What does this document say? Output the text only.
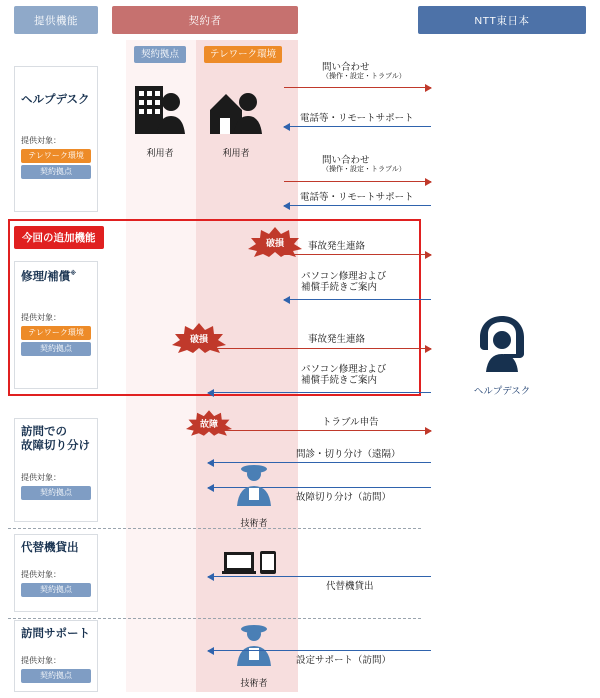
提供機能	契約者	NTT東日本
契約拠点	テレワーク環境
ヘルプデスク
提供対象：
テレワーク環境
契約拠点
利用者	利用者
問い合わせ
（操作・設定・トラブル）
電話等・リモートサポート
問い合わせ
（操作・設定・トラブル）
電話等・リモートサポート
今回の追加機能
修理/補償※
提供対象：
テレワーク環境
契約拠点
破損	事故発生連絡
パソコン修理および
補償手続きご案内
破損	事故発生連絡
パソコン修理および
補償手続きご案内
訪問での
故障切り分け
提供対象：
契約拠点
故障	トラブル申告
問診・切り分け（遠隔）
故障切り分け（訪問）
技術者
代替機貸出
提供対象：
契約拠点	代替機貸出
訪問サポート
提供対象：
契約拠点
技術者
設定サポート（訪問）
ヘルプデスク
